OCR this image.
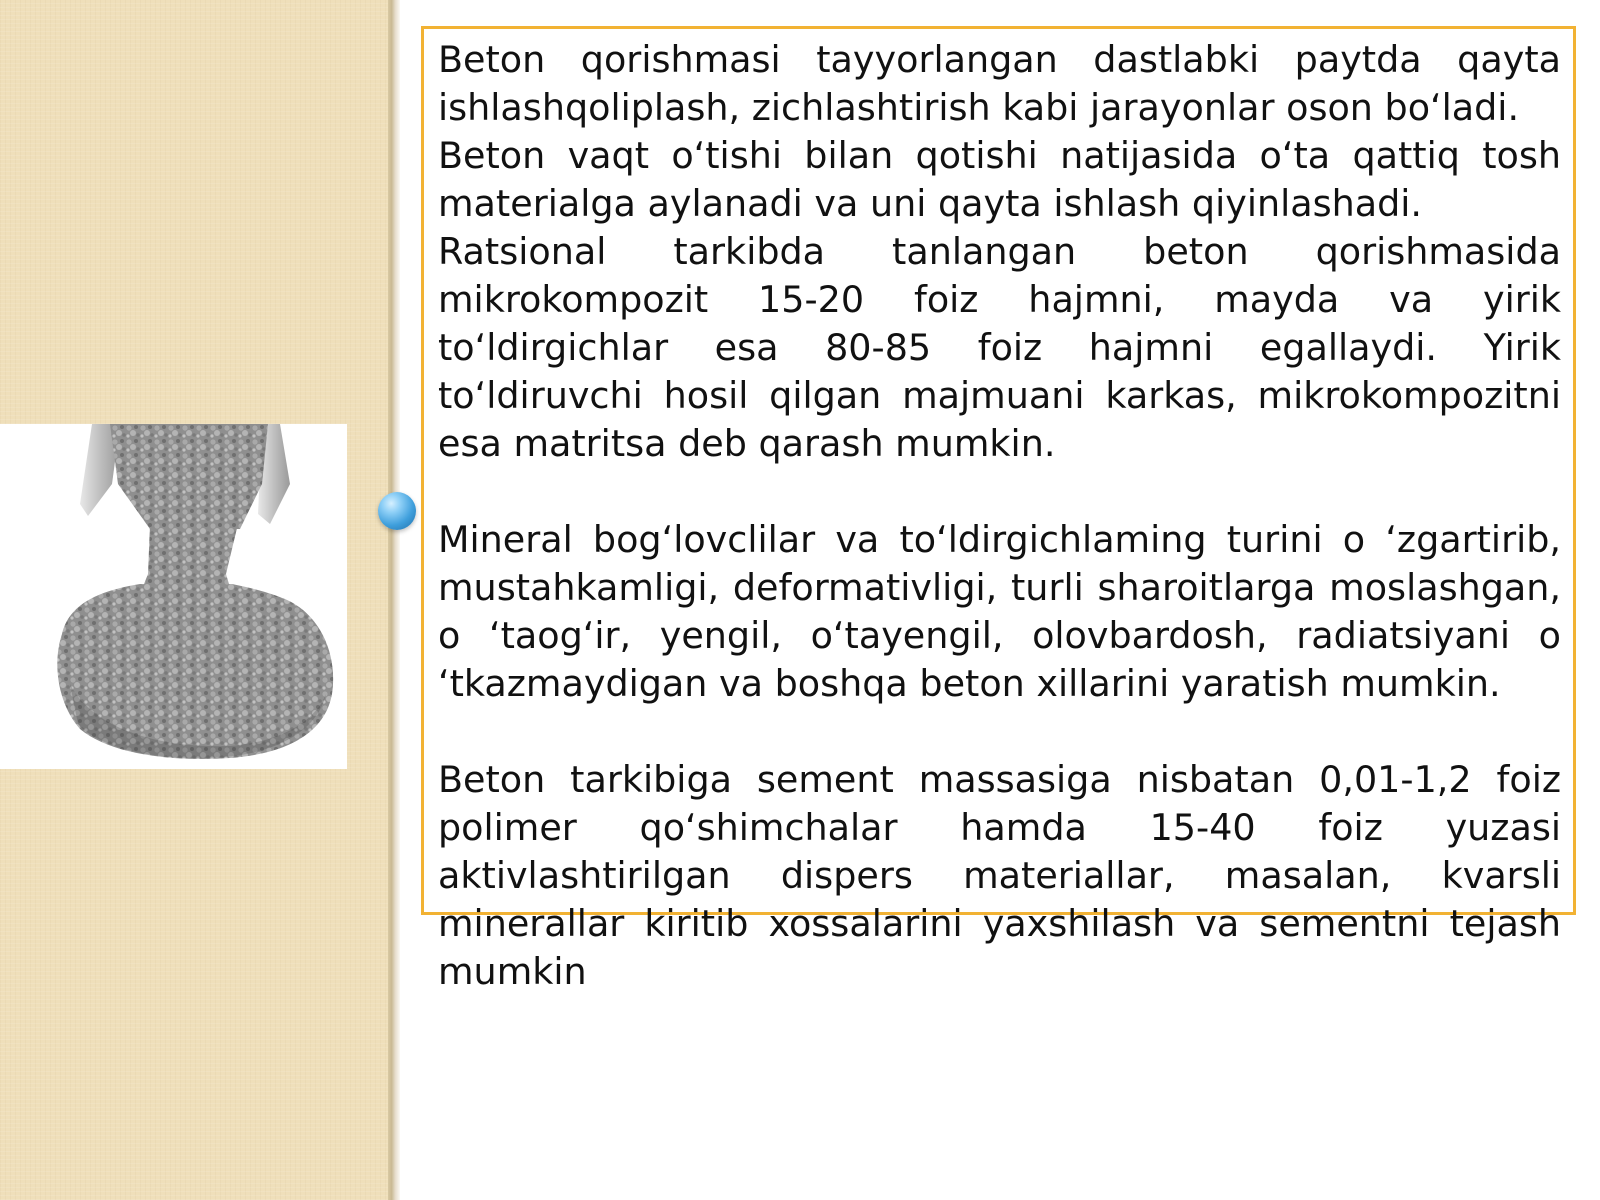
Beton qorishmasi tayyorlangan dastlabki paytda qayta ishlashqoliplash, zichlashtirish kabi jarayonlar oson bo‘ladi.

Beton vaqt o‘tishi bilan qotishi natijasida o‘ta qattiq tosh materialga aylanadi va uni qayta ishlash qiyinlashadi.

Ratsional tarkibda tanlangan beton qorishmasida mikrokompozit 15-20 foiz hajmni, mayda va yirik to‘ldirgichlar esa 80-85 foiz hajmni egallaydi. Yirik to‘ldiruvchi hosil qilgan majmuani karkas, mikrokompozitni esa matritsa deb qarash mumkin.

Mineral bog‘lovclilar va to‘ldirgichlaming turini o ‘zgartirib, mustahkamligi, deformativligi, turli sharoitlarga moslashgan, o ‘taog‘ir, yengil, o‘tayengil, olovbardosh, radiatsiyani o ‘tkazmaydigan va boshqa beton xillarini yaratish mumkin.

Beton tarkibiga sement massasiga nisbatan 0,01-1,2 foiz polimer qo‘shimchalar hamda 15-40 foiz yuzasi aktivlashtirilgan dispers materiallar, masalan, kvarsli minerallar kiritib xossalarini yaxshilash va sementni tejash mumkin
